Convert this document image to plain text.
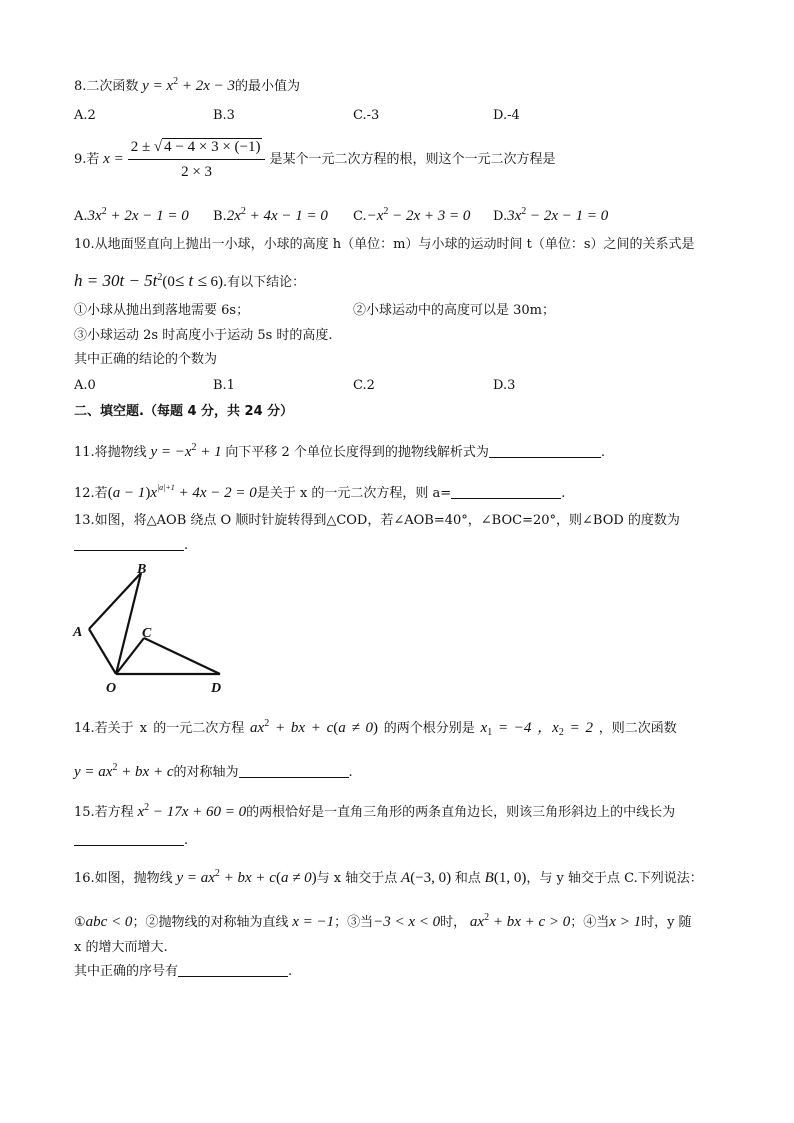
8.二次函数 $y = x^2 + 2x - 3$的最小值为
A.2	B.3	C.-3	D.-4
9.若 $x = \frac{2 \pm √ 4 - 4 \times 3 \times (-1)}{2 \times 3}$ 是某个一元二次方程的根，则这个一元二次方程是
$A.3x^2 + 2x - 1 = 0$ $B.2x^2 + 4x - 1 = 0$ $C.-x^2 - 2x + 3 = 0$ $D.3x^2 - 2x - 1 = 0$
10.从地面竖直向上抛出一小球，小球的高度 h（单位：m）与小球的运动时间 t（单位：s）之间的关系式是
$h = 30t - 5t^2(0\le t \le 6)$.有以下结论：
①小球从抛出到落地需要 6s；	②小球运动中的高度可以是 30m；
③小球运动 2s 时高度小于运动 5s 时的高度.
其中正确的结论的个数为
A.0	B.1	C.2	D.3
二、填空题.（每题 4 分，共 24 分）
11.将抛物线 $y = -x^2 + 1$ 向下平移 2 个单位长度得到的抛物线解析式为	.
12.若$(a - 1)x^{|a|+1} + 4x - 2 = 0$是关于 x 的一元二次方程，则 a=	.
13.如图，将△AOB 绕点 O 顺时针旋转得到△COD，若∠AOB=40°，∠BOC=20°，则∠BOD 的度数为
.
B
A	C
O	D
14.若关于 x 的一元二次方程 $ax^2$ + bx + c(a ≠ 0) 的两个根分别是 $x_1 = -4$ ，$x_2 = 2$ ，则二次函数
$y = ax^2$ + bx + c的对称轴为	.
15.若方程 $x^2 - 17x + 60 = 0$的两根恰好是一直角三角形的两条直角边长，则该三角形斜边上的中线长为
.
16.如图，抛物线 $y = ax^2$ + bx + c(a ≠ 0)与 x 轴交于点 A(−3, 0) 和点 B(1, 0)，与 y 轴交于点 C.下列说法：
①abc < 0；②抛物线的对称轴为直线 x = −1；③当−3 < x < 0时， $ax^2$ + bx + c > 0；④当x > 1时，y 随
x 的增大而增大.
其中正确的序号有	.
